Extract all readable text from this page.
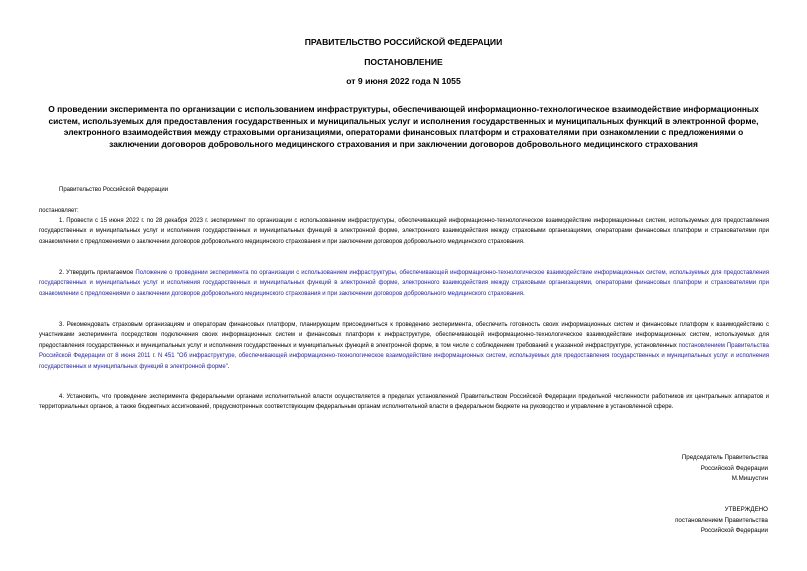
ПРАВИТЕЛЬСТВО РОССИЙСКОЙ ФЕДЕРАЦИИ
ПОСТАНОВЛЕНИЕ
от 9 июня 2022 года N 1055
О проведении эксперимента по организации с использованием инфраструктуры, обеспечивающей информационно-технологическое взаимодействие информационных систем, используемых для предоставления государственных и муниципальных услуг и исполнения государственных и муниципальных функций в электронной форме, электронного взаимодействия между страховыми организациями, операторами финансовых платформ и страхователями при ознакомлении с предложениями о заключении договоров добровольного медицинского страхования и при заключении договоров добровольного медицинского страхования
Правительство Российской Федерации
постановляет:
1. Провести с 15 июня 2022 г. по 28 декабря 2023 г. эксперимент по организации с использованием инфраструктуры, обеспечивающей информационно-технологическое взаимодействие информационных систем, используемых для предоставления государственных и муниципальных услуг и исполнения государственных и муниципальных функций в электронной форме, электронного взаимодействия между страховыми организациями, операторами финансовых платформ и страхователями при ознакомлении с предложениями о заключении договоров добровольного медицинского страхования и при заключении договоров добровольного медицинского страхования.
2. Утвердить прилагаемое Положение о проведении эксперимента по организации с использованием инфраструктуры, обеспечивающей информационно-технологическое взаимодействие информационных систем, используемых для предоставления государственных и муниципальных услуг и исполнения государственных и муниципальных функций в электронной форме, электронного взаимодействия между страховыми организациями, операторами финансовых платформ и страхователями при ознакомлении с предложениями о заключении договоров добровольного медицинского страхования и при заключении договоров добровольного медицинского страхования.
3. Рекомендовать страховым организациям и операторам финансовых платформ, планирующим присоединиться к проведению эксперимента, обеспечить готовность своих информационных систем и финансовых платформ к взаимодействию с участниками эксперимента посредством подключения своих информационных систем и финансовых платформ к инфраструктуре, обеспечивающей информационно-технологическое взаимодействие информационных систем, используемых для предоставления государственных и муниципальных услуг и исполнения государственных и муниципальных функций в электронной форме, в том числе с соблюдением требований к указанной инфраструктуре, установленных постановлением Правительства Российской Федерации от 8 июня 2011 г. N 451 "Об инфраструктуре, обеспечивающей информационно-технологическое взаимодействие информационных систем, используемых для предоставления государственных и муниципальных услуг и исполнения государственных и муниципальных функций в электронной форме".
4. Установить, что проведение эксперимента федеральными органами исполнительной власти осуществляется в пределах установленной Правительством Российской Федерации предельной численности работников их центральных аппаратов и территориальных органов, а также бюджетных ассигнований, предусмотренных соответствующим федеральным органам исполнительной власти в федеральном бюджете на руководство и управление в установленной сфере.
Председатель Правительства
Российской Федерации
М.Мишустин
УТВЕРЖДЕНО
постановлением Правительства
Российской Федерации
